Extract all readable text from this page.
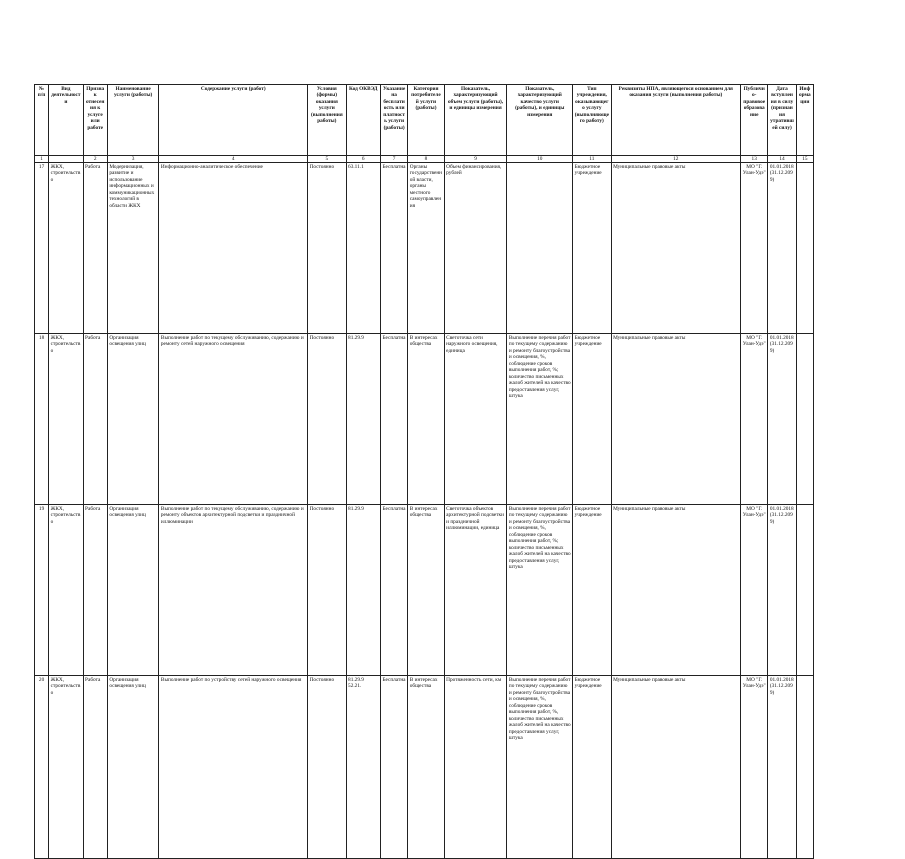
№ п/п	Вид деятельности	Признак отнесения к услуге или работе	Наименование услуги (работы)	Содержание услуги (работ)	Условия (формы) оказания услуги (выполнения работы)	Код ОКВЭД	Указание на бесплатность или платность услуги (работы)	Категория потребителей услуги (работы)	Показатель, характеризующий объем услуги (работы), и единицы измерения	Показатель, характеризующий качество услуги (работы), и единицы измерения	Тип учреждения, оказывающего услугу (выполняющего работу)	Реквизиты НПА, являющегося основанием для оказания услуги (выполнения работы)	Публично-правовое образование	Дата вступления в силу (признания утратившей силу)	Информации
1		2	3	4	5	6	7	8	9	10	11	12	13	14	15
17	ЖКХ, строительство	Работа	Модернизация, развитие и использование информационных и коммуникационных технологий в области ЖКХ	Информационно-аналитическое обеспечение	Постоянно	63.11.1	Бесплатна	Органы государственной власти, органы местного самоуправления	Объем финансирования, рублей		Бюджетное учреждение	Муниципальные правовые акты	МО "Г. Улан-Удэ"	01.01.2018 (31.12.2099)	
18	ЖКХ, строительство	Работа	Организация освещения улиц	Выполнение работ по текущему обслуживанию, содержанию и ремонту сетей наружного освещения	Постоянно	81.29.9	Бесплатна	В интересах общества	Светоточка сети наружного освещения, единица	Выполнение перечня работ по текущему содержанию и ремонту благоустройства и освещения, %, соблюдение сроков выполнения работ, %; количество письменных жалоб жителей на качество предоставления услуг, штука	Бюджетное учреждение	Муниципальные правовые акты	МО "Г. Улан-Удэ"	01.01.2018 (31.12.2099)	
19	ЖКХ, строительство	Работа	Организация освещения улиц	Выполнение работ по текущему обслуживанию, содержанию и ремонту объектов архитектурной подсветки и праздничной иллюминации	Постоянно	81.29.9	Бесплатна	В интересах общества	Светоточка объектов архитектурной подсветки и праздничной иллюминации, единица	Выполнение перечня работ по текущему содержанию и ремонту благоустройства и освещения, %, соблюдение сроков выполнения работ, %; количество письменных жалоб жителей на качество предоставления услуг, штука	Бюджетное учреждение	Муниципальные правовые акты	МО "Г. Улан-Удэ"	01.01.2018 (31.12.2099)	
20	ЖКХ, строительство	Работа	Организация освещения улиц	Выполнение работ по устройству сетей наружного освещения	Постоянно	81.29.9 52.21.	Бесплатна	В интересах общества	Протяженность сети, км	Выполнение перечня работ по текущему содержанию и ремонту благоустройства и освещения, %, соблюдение сроков выполнения работ, %, количество письменных жалоб жителей на качество предоставления услуг, штука	Бюджетное учреждение	Муниципальные правовые акты	МО "Г. Улан-Удэ"	01.01.2018 (31.12.2099)	
